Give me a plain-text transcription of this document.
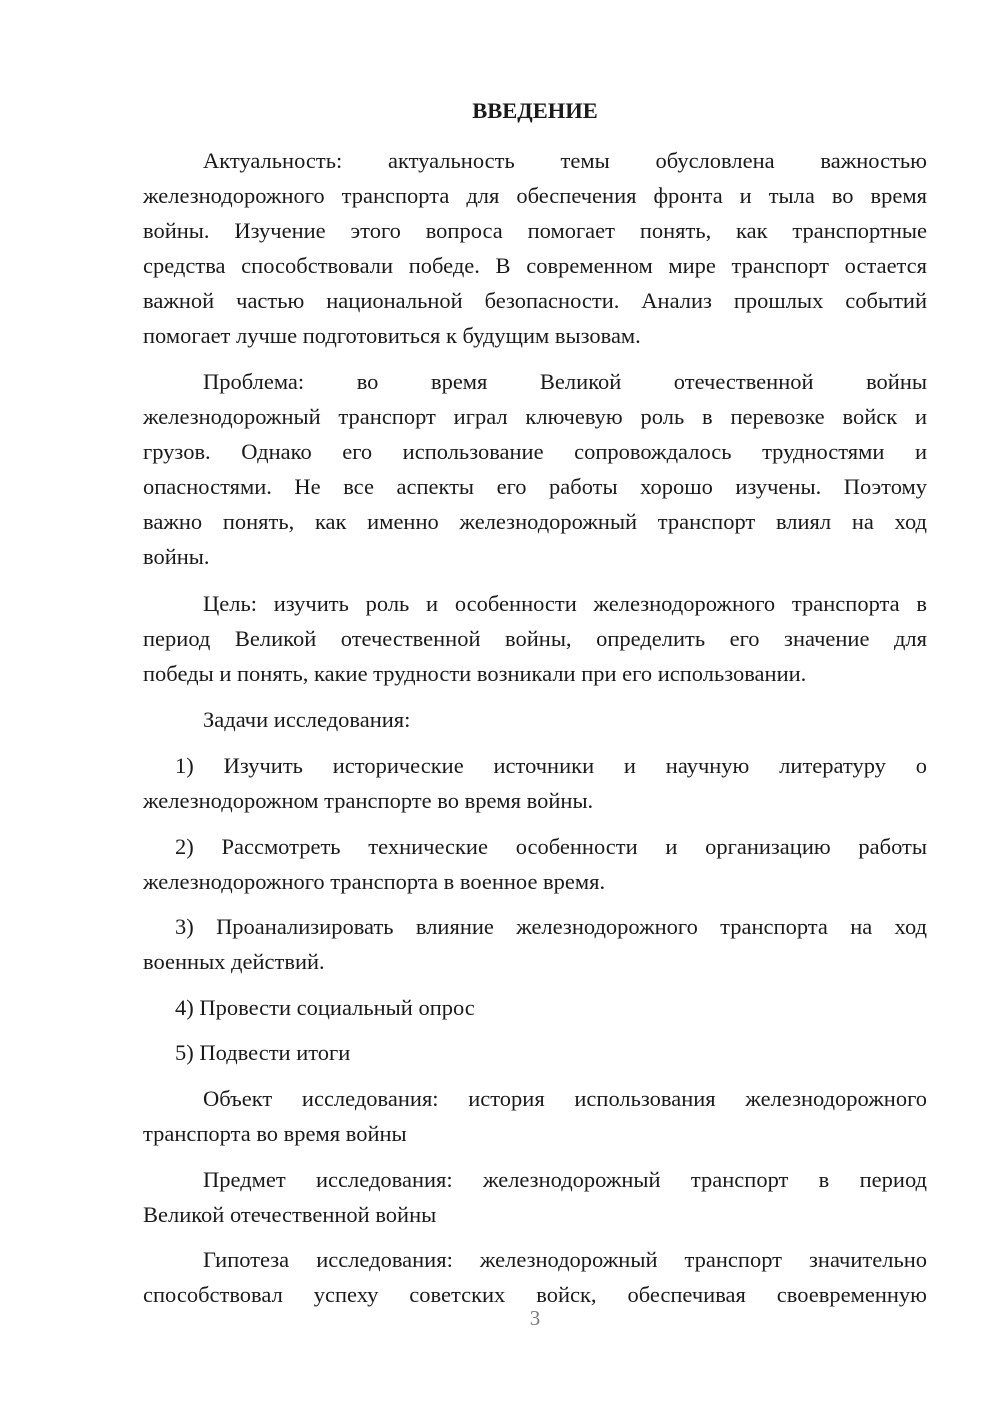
ВВЕДЕНИЕ
Актуальность: актуальность темы обусловлена важностью
железнодорожного транспорта для обеспечения фронта и тыла во время
войны. Изучение этого вопроса помогает понять, как транспортные
средства способствовали победе. В современном мире транспорт остается
важной частью национальной безопасности. Анализ прошлых событий
помогает лучше подготовиться к будущим вызовам.
Проблема: во время Великой отечественной войны
железнодорожный транспорт играл ключевую роль в перевозке войск и
грузов. Однако его использование сопровождалось трудностями и
опасностями. Не все аспекты его работы хорошо изучены. Поэтому
важно понять, как именно железнодорожный транспорт влиял на ход
войны.
Цель: изучить роль и особенности железнодорожного транспорта в
период Великой отечественной войны, определить его значение для
победы и понять, какие трудности возникали при его использовании.
Задачи исследования:
1) Изучить исторические источники и научную литературу о
железнодорожном транспорте во время войны.
2) Рассмотреть технические особенности и организацию работы
железнодорожного транспорта в военное время.
3) Проанализировать влияние железнодорожного транспорта на ход
военных действий.
4) Провести социальный опрос
5) Подвести итоги
Объект исследования: история использования железнодорожного
транспорта во время войны
Предмет исследования: железнодорожный транспорт в период
Великой отечественной войны
Гипотеза исследования: железнодорожный транспорт значительно
способствовал успеху советских войск, обеспечивая своевременную
3
